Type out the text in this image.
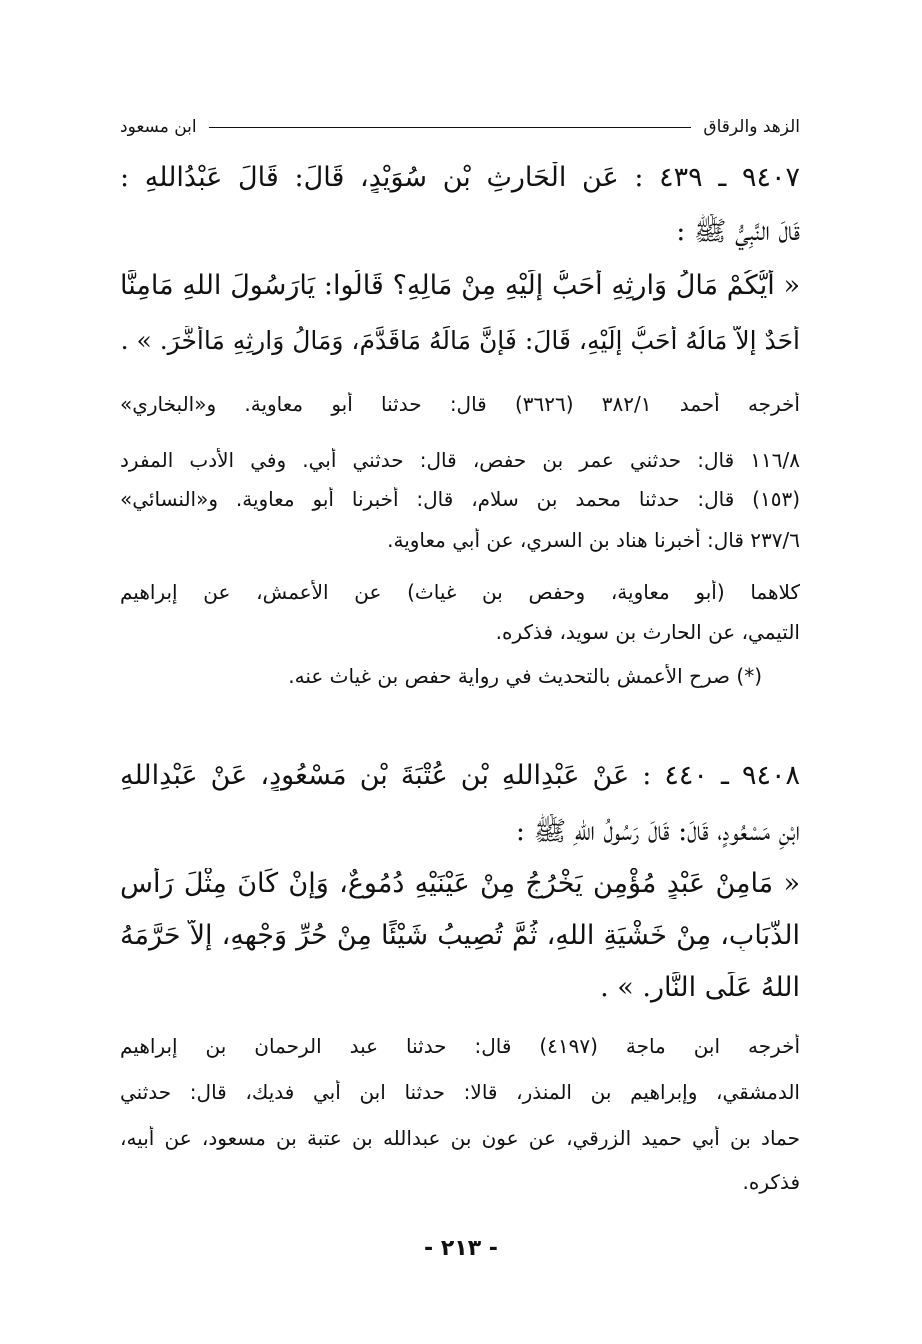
الزهد والرقاق
ابن مسعود
٩٤٠٧ ـ ٤٣٩ : عَنِ الْحَارِثِ بْنِ سُوَيْدٍ، قَالَ: قَالَ عَبْدُاللهِ :
قَالَ النَّبِيُّ ﷺ :
« أَيُّكُمْ مَالُ وَارِثِهِ أَحَبُّ إِلَيْهِ مِنْ مَالِهِ؟ قَالُوا: يَارَسُولَ اللهِ مَامِنَّا
أَحَدٌ إِلاَّ مَالُهُ أَحَبُّ إِلَيْهِ، قَالَ: فَإِنَّ مَالَهُ مَاقَدَّمَ، وَمَالُ وَارِثِهِ مَاأَخَّرَ. » .
أخرجه أحمد ٣٨٢/١ (٣٦٢٦) قال: حدثنا أبو معاوية. و«البخاري»
١١٦/٨ قال: حدثني عمر بن حفص، قال: حدثني أبي. وفي الأدب المفرد
(١٥٣) قال: حدثنا محمد بن سلام، قال: أخبرنا أبو معاوية. و«النسائي»
٢٣٧/٦ قال: أخبرنا هناد بن السري، عن أبي معاوية.
كلاهما (أبو معاوية، وحفص بن غياث) عن الأعمش، عن إبراهيم
التيمي، عن الحارث بن سويد، فذكره.
(*) صرح الأعمش بالتحديث في رواية حفص بن غياث عنه.
٩٤٠٨ ـ ٤٤٠ : عَنْ عَبْدِاللهِ بْنِ عُتْبَةَ بْنِ مَسْعُودٍ، عَنْ عَبْدِاللهِ
ابْنِ مَسْعُودٍ، قَالَ: قَالَ رَسُولُ اللهِ ﷺ :
« مَامِنْ عَبْدٍ مُؤْمِنٍ يَخْرُجُ مِنْ عَيْنَيْهِ دُمُوعٌ، وَإِنْ كَانَ مِثْلَ رَأْسِ
الذُّبَابِ، مِنْ خَشْيَةِ اللهِ، ثُمَّ تُصِيبُ شَيْئًا مِنْ حُرِّ وَجْهِهِ، إِلاَّ حَرَّمَهُ
اللهُ عَلَى النَّارِ. » .
أخرجه ابن ماجة (٤١٩٧) قال: حدثنا عبد الرحمان بن إبراهيم
الدمشقي، وإبراهيم بن المنذر، قالا: حدثنا ابن أبي فديك، قال: حدثني
حماد بن أبي حميد الزرقي، عن عون بن عبدالله بن عتبة بن مسعود، عن أبيه،
فذكره.
- ٢١٣ -
